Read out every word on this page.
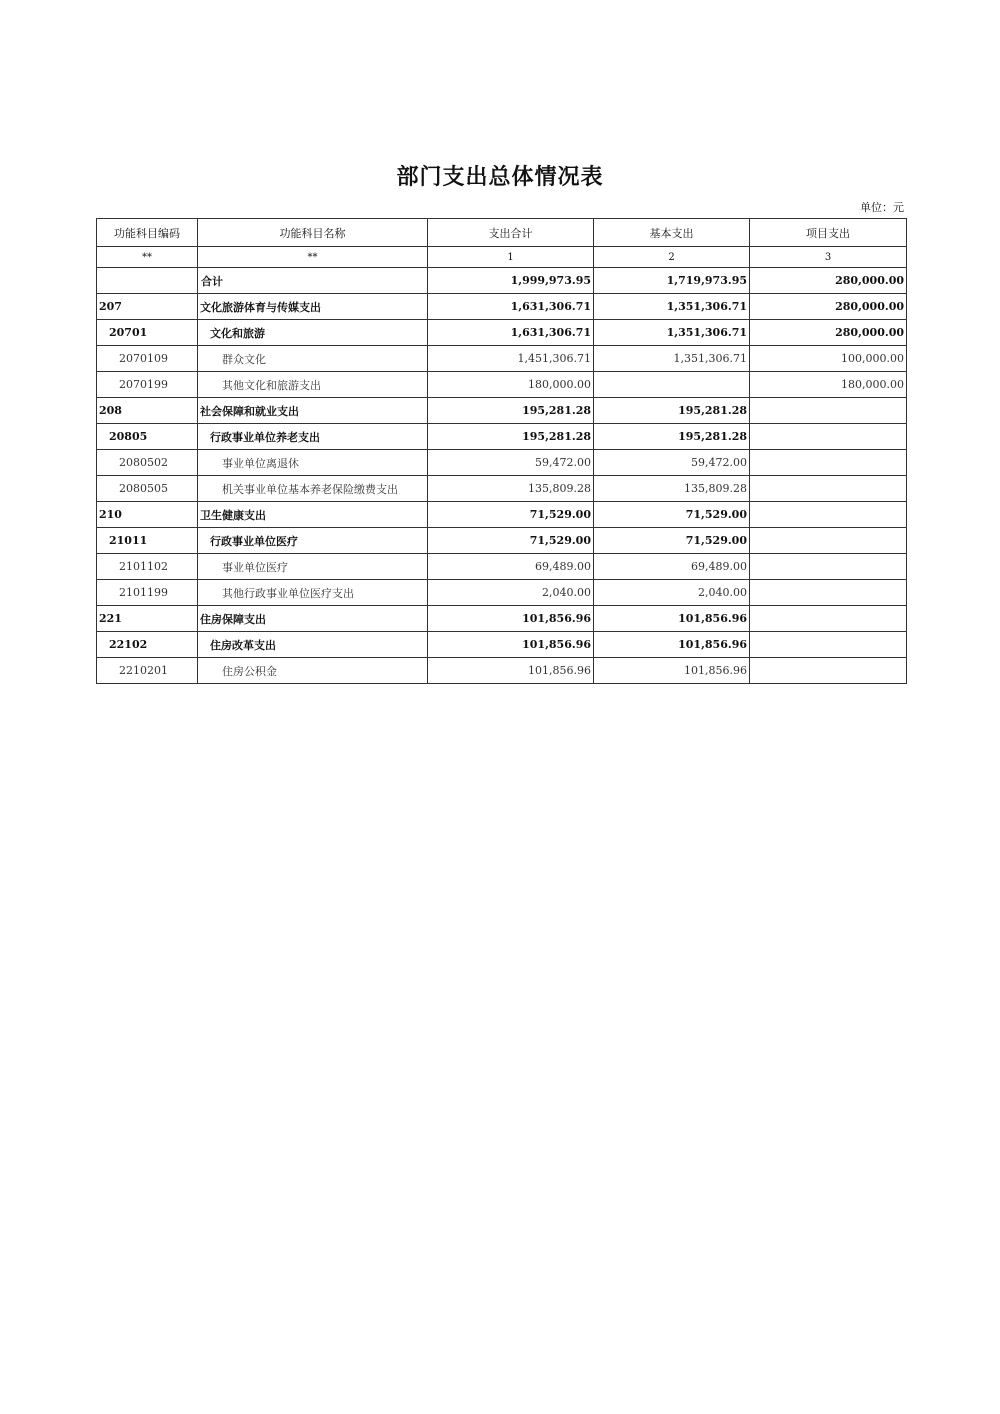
部门支出总体情况表
单位：元
功能科目编码	功能科目名称	支出合计	基本支出	项目支出
**	**	1	2	3
	合计	1,999,973.95	1,719,973.95	280,000.00
207	文化旅游体育与传媒支出	1,631,306.71	1,351,306.71	280,000.00
20701	文化和旅游	1,631,306.71	1,351,306.71	280,000.00
2070109	群众文化	1,451,306.71	1,351,306.71	100,000.00
2070199	其他文化和旅游支出	180,000.00		180,000.00
208	社会保障和就业支出	195,281.28	195,281.28	
20805	行政事业单位养老支出	195,281.28	195,281.28	
2080502	事业单位离退休	59,472.00	59,472.00	
2080505	机关事业单位基本养老保险缴费支出	135,809.28	135,809.28	
210	卫生健康支出	71,529.00	71,529.00	
21011	行政事业单位医疗	71,529.00	71,529.00	
2101102	事业单位医疗	69,489.00	69,489.00	
2101199	其他行政事业单位医疗支出	2,040.00	2,040.00	
221	住房保障支出	101,856.96	101,856.96	
22102	住房改革支出	101,856.96	101,856.96	
2210201	住房公积金	101,856.96	101,856.96	
